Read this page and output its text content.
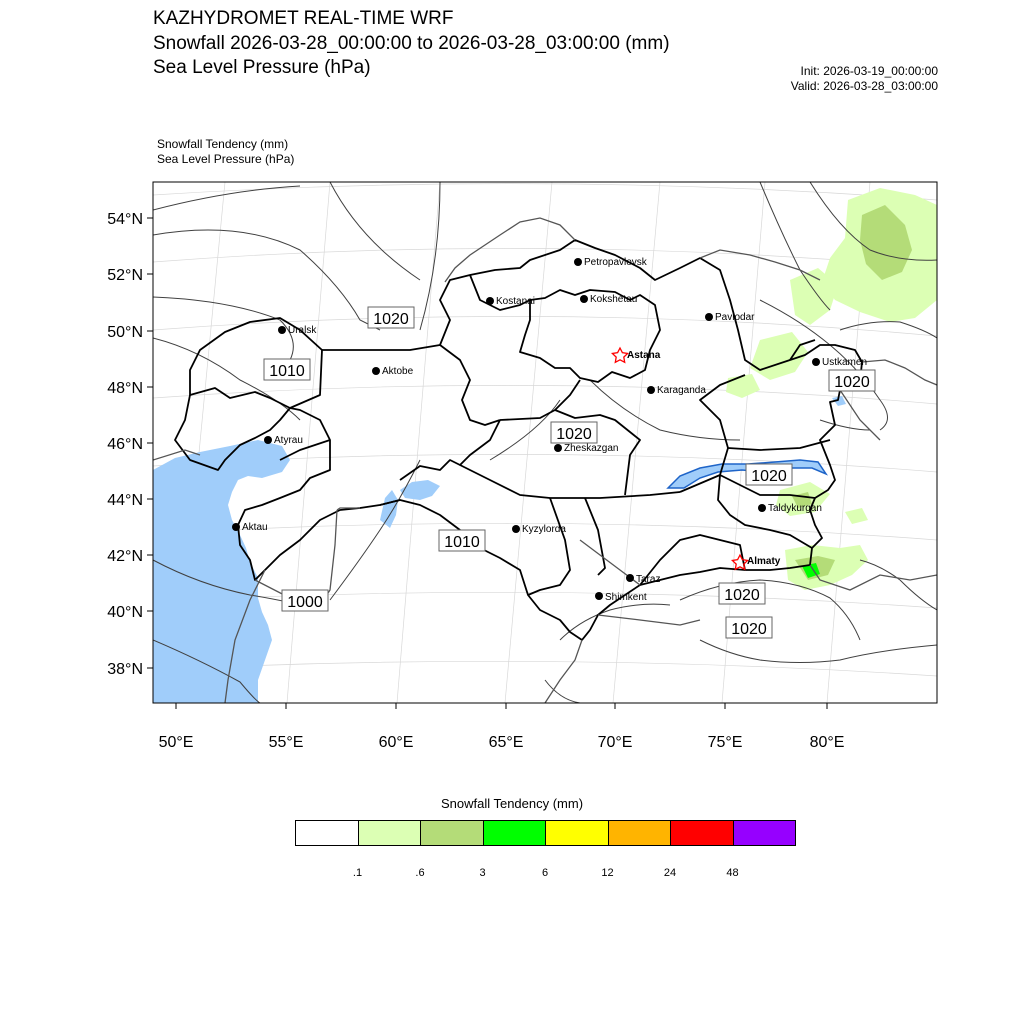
KAZHYDROMET REAL-TIME WRF
Snowfall 2026-03-28_00:00:00 to 2026-03-28_03:00:00 (mm)
Sea Level Pressure (hPa)	Init: 2026-03-19_00:00:00
Valid: 2026-03-28_03:00:00
Snowfall Tendency (mm)
Sea Level Pressure (hPa)
54°N
52°N
50°N
48°N
46°N
44°N
42°N
40°N
38°N
50°E	55°E	60°E	65°E	70°E	75°E	80°E
1020
1010
1020
1020
1020
1010
1000	1020
1020
Petropavlovsk
Kostanai	Kokshetau
Pavlodar
Uralsk
Astana
Aktobe
Ustkamen
Karaganda
Atyrau
Zheskazgan
Taldykurgan
Aktau	Kyzylorda
Almaty
Taraz
Shimkent
Snowfall Tendency (mm)
.1	.6	3	6	12	24	48
